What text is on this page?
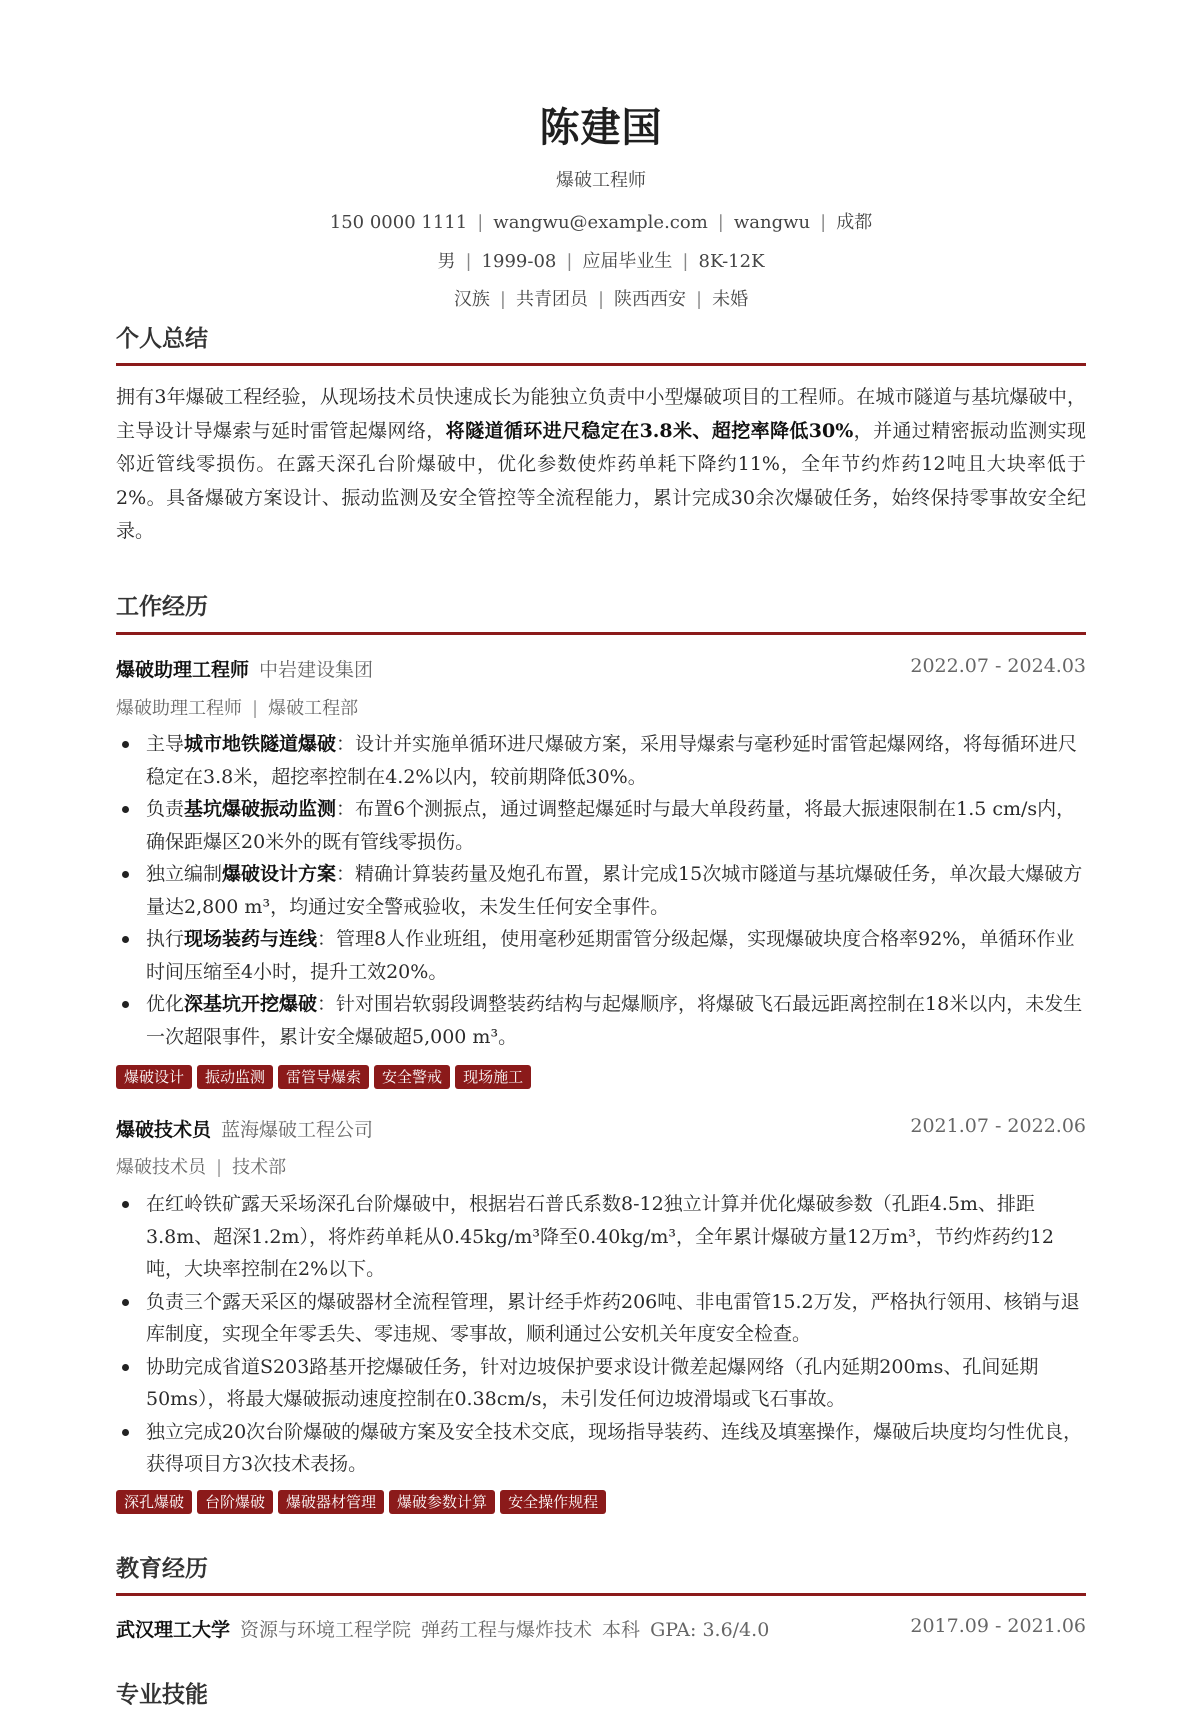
陈建国
爆破工程师
150 0000 1111 | wangwu@example.com | wangwu | 成都
男 | 1999-08 | 应届毕业生 | 8K-12K
汉族 | 共青团员 | 陕西西安 | 未婚
个人总结
拥有3年爆破工程经验，从现场技术员快速成长为能独立负责中小型爆破项目的工程师。在城市隧道与基坑爆破中，主导设计导爆索与延时雷管起爆网络，将隧道循环进尺稳定在3.8米、超挖率降低30%，并通过精密振动监测实现邻近管线零损伤。在露天深孔台阶爆破中，优化参数使炸药单耗下降约11%，全年节约炸药12吨且大块率低于2%。具备爆破方案设计、振动监测及安全管控等全流程能力，累计完成30余次爆破任务，始终保持零事故安全纪录。
工作经历
爆破助理工程师 中岩建设集团	2022.07 - 2024.03
爆破助理工程师 | 爆破工程部
主导城市地铁隧道爆破：设计并实施单循环进尺爆破方案，采用导爆索与毫秒延时雷管起爆网络，将每循环进尺稳定在3.8米，超挖率控制在4.2%以内，较前期降低30%。
负责基坑爆破振动监测：布置6个测振点，通过调整起爆延时与最大单段药量，将最大振速限制在1.5 cm/s内，确保距爆区20米外的既有管线零损伤。
独立编制爆破设计方案：精确计算装药量及炮孔布置，累计完成15次城市隧道与基坑爆破任务，单次最大爆破方量达2,800 m³，均通过安全警戒验收，未发生任何安全事件。
执行现场装药与连线：管理8人作业班组，使用毫秒延期雷管分级起爆，实现爆破块度合格率92%，单循环作业时间压缩至4小时，提升工效20%。
优化深基坑开挖爆破：针对围岩软弱段调整装药结构与起爆顺序，将爆破飞石最远距离控制在18米以内，未发生一次超限事件，累计安全爆破超5,000 m³。
爆破设计 振动监测 雷管导爆索 安全警戒 现场施工
爆破技术员 蓝海爆破工程公司	2021.07 - 2022.06
爆破技术员 | 技术部
在红岭铁矿露天采场深孔台阶爆破中，根据岩石普氏系数8-12独立计算并优化爆破参数（孔距4.5m、排距3.8m、超深1.2m），将炸药单耗从0.45kg/m³降至0.40kg/m³，全年累计爆破方量12万m³，节约炸药约12吨，大块率控制在2%以下。
负责三个露天采区的爆破器材全流程管理，累计经手炸药206吨、非电雷管15.2万发，严格执行领用、核销与退库制度，实现全年零丢失、零违规、零事故，顺利通过公安机关年度安全检查。
协助完成省道S203路基开挖爆破任务，针对边坡保护要求设计微差起爆网络（孔内延期200ms、孔间延期50ms），将最大爆破振动速度控制在0.38cm/s，未引发任何边坡滑塌或飞石事故。
独立完成20次台阶爆破的爆破方案及安全技术交底，现场指导装药、连线及填塞操作，爆破后块度均匀性优良，获得项目方3次技术表扬。
深孔爆破 台阶爆破 爆破器材管理 爆破参数计算 安全操作规程
教育经历
武汉理工大学 资源与环境工程学院 弹药工程与爆炸技术 本科 GPA: 3.6/4.0	2017.09 - 2021.06
专业技能
